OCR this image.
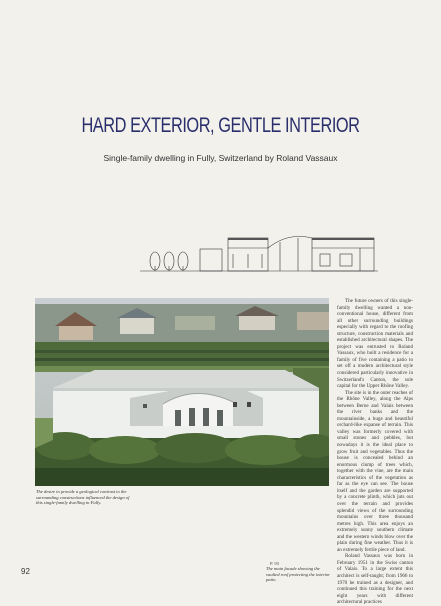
HARD EXTERIOR, GENTLE INTERIOR
Single-family dwelling in Fully, Switzerland by Roland Vassaux
The desire to provide a geological contrast to the surrounding constructions influenced the design of this single-family dwelling in Fully.
P. 93
The main facade showing the vaulted roof protecting the interior patio.

The future owners of this single-family dwelling wanted a non-conventional house, different from all other surrounding buildings especially with regard to the roofing structure, construction materials and established architectural shapes. The project was entrusted to Roland Vassaux, who built a residence for a family of five containing a patio to set off a modern architectural style considered particularly innovative in Switzerland's Canton, the sole capital for the Upper Rhône Valley.

The site is in the outer reaches of the Rhône Valley, along the Alps between Berne and Valais between the river banks and the mountainside, a huge and beautiful orchard-like expanse of terrain. This valley was formerly covered with small stones and pebbles, but nowadays it is the ideal place to grow fruit and vegetables. Thus the house is concealed behind an enormous clump of trees which, together with the vine, are the main characteristics of the vegetation as far as the eye can see. The house itself and the garden are supported by a concrete plinth, which juts out over the terrain and provides splendid views of the surrounding mountains over three thousand metres high. This area enjoys an extremely sunny southern climate and the western winds blow over the plain during fine weather. Thus it is an extremely fertile piece of land.

Roland Vassaux was born in February 1951 in the Swiss canton of Valais. To a large extent this architect is self-taught; from 1966 to 1970 he trained as a designer, and continued this training for the next eight years with different architectural practices

92
